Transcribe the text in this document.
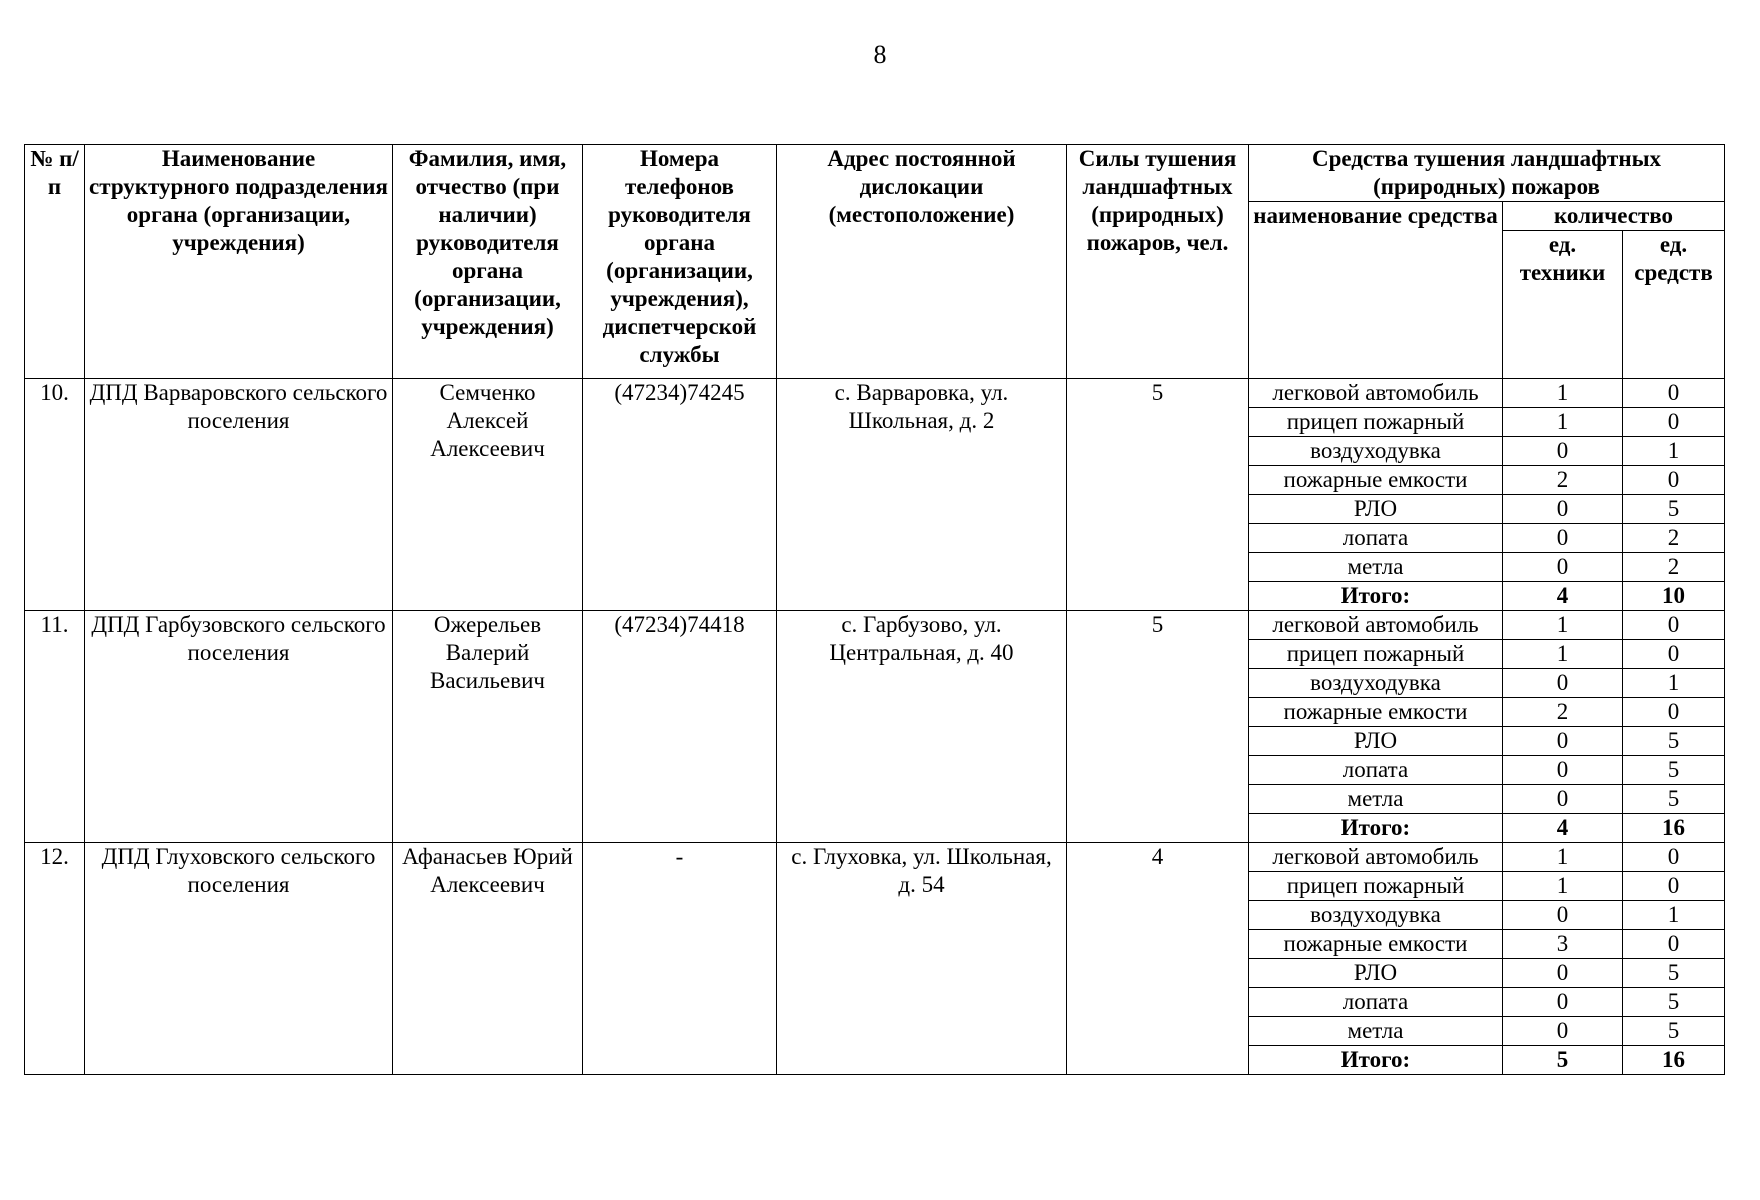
8
№ п/п	Наименование структурного подразделения органа (организации, учреждения)	Фамилия, имя, отчество (при наличии) руководителя органа (организации, учреждения)	Номера телефонов руководителя органа (организации, учреждения), диспетчерской службы	Адрес постоянной дислокации (местоположение)	Силы тушения ландшафтных (природных) пожаров, чел.	Средства тушения ландшафтных (природных) пожаров		
						наименование средства	количество	
							ед. техники	ед. средств
10.	ДПД Варваровского сельского поселения	Семченко Алексей Алексеевич	(47234)74245	с. Варваровка, ул. Школьная, д. 2	5	легковой автомобиль	1	0
						прицеп пожарный	1	0
						воздуходувка	0	1
						пожарные емкости	2	0
						РЛО	0	5
						лопата	0	2
						метла	0	2
						Итого:	4	10
11.	ДПД Гарбузовского сельского поселения	Ожерельев Валерий Васильевич	(47234)74418	с. Гарбузово, ул. Центральная, д. 40	5	легковой автомобиль	1	0
						прицеп пожарный	1	0
						воздуходувка	0	1
						пожарные емкости	2	0
						РЛО	0	5
						лопата	0	5
						метла	0	5
						Итого:	4	16
12.	ДПД Глуховского сельского поселения	Афанасьев Юрий Алексеевич	-	с. Глуховка, ул. Школьная, д. 54	4	легковой автомобиль	1	0
						прицеп пожарный	1	0
						воздуходувка	0	1
						пожарные емкости	3	0
						РЛО	0	5
						лопата	0	5
						метла	0	5
						Итого:	5	16
